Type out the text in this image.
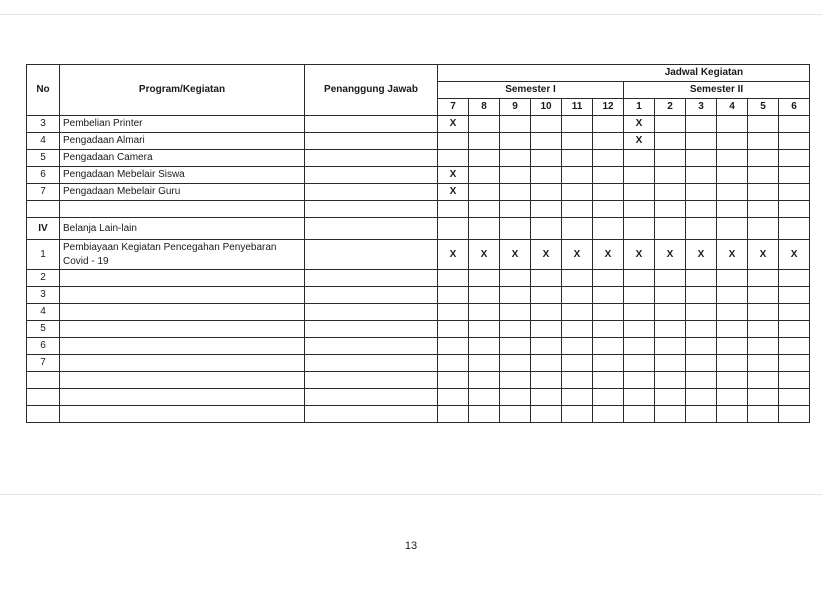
No	Program/Kegiatan	Penanggung Jawab	Jadwal Kegiatan											
			Semester I						Semester II					
			7	8	9	10	11	12	1	2	3	4	5	6
3	Pembelian Printer		X						X					
4	Pengadaan Almari								X					
5	Pengadaan Camera													
6	Pengadaan Mebelair Siswa		X											
7	Pengadaan Mebelair Guru		X											

IV	Belanja Lain-lain													
1	Pembiayaan Kegiatan Pencegahan Penyebaran Covid - 19		X	X	X	X	X	X	X	X	X	X	X	X
2														
3														
4														
5														
6														
7														

13
